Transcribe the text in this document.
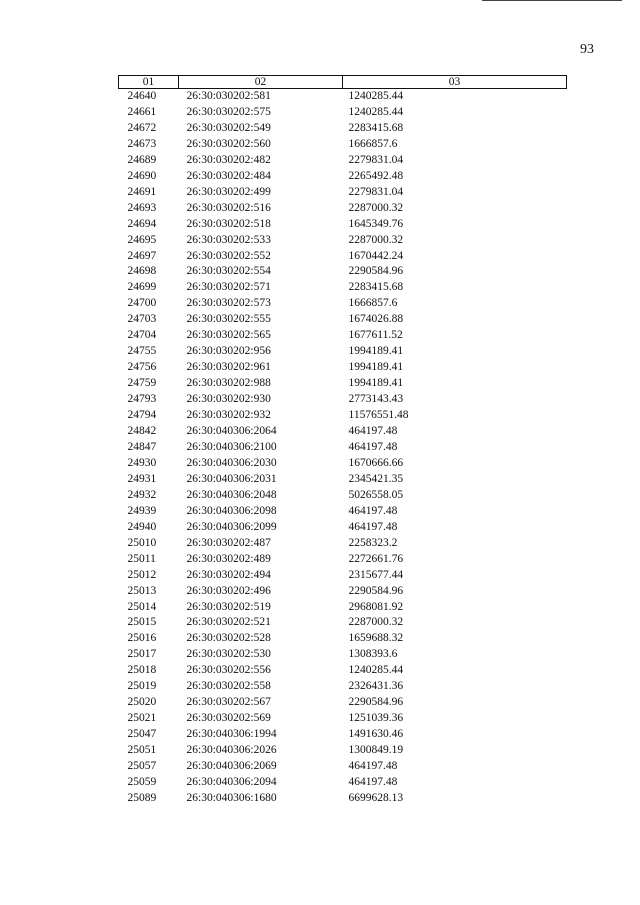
93
01	02	03
24640	26:30:030202:581	1240285.44
24661	26:30:030202:575	1240285.44
24672	26:30:030202:549	2283415.68
24673	26:30:030202:560	1666857.6
24689	26:30:030202:482	2279831.04
24690	26:30:030202:484	2265492.48
24691	26:30:030202:499	2279831.04
24693	26:30:030202:516	2287000.32
24694	26:30:030202:518	1645349.76
24695	26:30:030202:533	2287000.32
24697	26:30:030202:552	1670442.24
24698	26:30:030202:554	2290584.96
24699	26:30:030202:571	2283415.68
24700	26:30:030202:573	1666857.6
24703	26:30:030202:555	1674026.88
24704	26:30:030202:565	1677611.52
24755	26:30:030202:956	1994189.41
24756	26:30:030202:961	1994189.41
24759	26:30:030202:988	1994189.41
24793	26:30:030202:930	2773143.43
24794	26:30:030202:932	11576551.48
24842	26:30:040306:2064	464197.48
24847	26:30:040306:2100	464197.48
24930	26:30:040306:2030	1670666.66
24931	26:30:040306:2031	2345421.35
24932	26:30:040306:2048	5026558.05
24939	26:30:040306:2098	464197.48
24940	26:30:040306:2099	464197.48
25010	26:30:030202:487	2258323.2
25011	26:30:030202:489	2272661.76
25012	26:30:030202:494	2315677.44
25013	26:30:030202:496	2290584.96
25014	26:30:030202:519	2968081.92
25015	26:30:030202:521	2287000.32
25016	26:30:030202:528	1659688.32
25017	26:30:030202:530	1308393.6
25018	26:30:030202:556	1240285.44
25019	26:30:030202:558	2326431.36
25020	26:30:030202:567	2290584.96
25021	26:30:030202:569	1251039.36
25047	26:30:040306:1994	1491630.46
25051	26:30:040306:2026	1300849.19
25057	26:30:040306:2069	464197.48
25059	26:30:040306:2094	464197.48
25089	26:30:040306:1680	6699628.13
